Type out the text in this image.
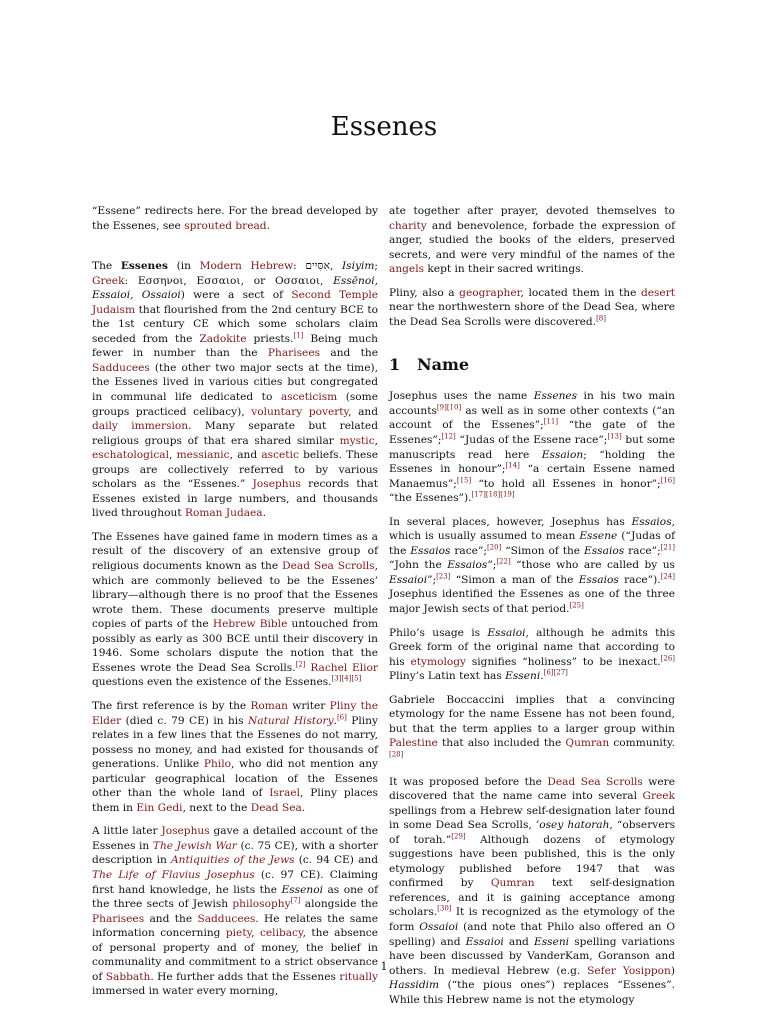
Essenes

“Essene” redirects here. For the bread developed by the Essenes, see sprouted bread.

The Essenes (in Modern Hebrew: אִסִּיִים, Isiyim; Greek: Εσσηνοι, Εσσαιοι, or Οσσαιοι, Essēnoi, Essaioi, Ossaioi) were a sect of Second Temple Judaism that flourished from the 2nd century BCE to the 1st century CE which some scholars claim seceded from the Zadokite priests.[1] Being much fewer in number than the Pharisees and the Sadducees (the other two major sects at the time), the Essenes lived in various cities but congregated in communal life dedicated to asceticism (some groups practiced celibacy), voluntary poverty, and daily immersion. Many separate but related religious groups of that era shared similar mystic, eschatological, messianic, and ascetic beliefs. These groups are collectively referred to by various scholars as the “Essenes.” Josephus records that Essenes existed in large numbers, and thousands lived throughout Roman Judaea.

The Essenes have gained fame in modern times as a result of the discovery of an extensive group of religious documents known as the Dead Sea Scrolls, which are commonly believed to be the Essenes’ library—although there is no proof that the Essenes wrote them. These documents preserve multiple copies of parts of the Hebrew Bible untouched from possibly as early as 300 BCE until their discovery in 1946. Some scholars dispute the notion that the Essenes wrote the Dead Sea Scrolls.[2] Rachel Elior questions even the existence of the Essenes.[3][4][5]

The first reference is by the Roman writer Pliny the Elder (died c. 79 CE) in his Natural History.[6] Pliny relates in a few lines that the Essenes do not marry, possess no money, and had existed for thousands of generations. Unlike Philo, who did not mention any particular geographical location of the Essenes other than the whole land of Israel, Pliny places them in Ein Gedi, next to the Dead Sea.

A little later Josephus gave a detailed account of the Essenes in The Jewish War (c. 75 CE), with a shorter description in Antiquities of the Jews (c. 94 CE) and The Life of Flavius Josephus (c. 97 CE). Claiming first hand knowledge, he lists the Essenoi as one of the three sects of Jewish philosophy[7] alongside the Pharisees and the Sadducees. He relates the same information concerning piety, celibacy, the absence of personal property and of money, the belief in communality and commitment to a strict observance of Sabbath. He further adds that the Essenes ritually immersed in water every morning,

ate together after prayer, devoted themselves to charity and benevolence, forbade the expression of anger, studied the books of the elders, preserved secrets, and were very mindful of the names of the angels kept in their sacred writings.

Pliny, also a geographer, located them in the desert near the northwestern shore of the Dead Sea, where the Dead Sea Scrolls were discovered.[8]

1 Name

Josephus uses the name Essenes in his two main accounts[9][10] as well as in some other contexts (“an account of the Essenes”;[11] “the gate of the Essenes”;[12] “Judas of the Essene race”;[13] but some manuscripts read here Essaion; “holding the Essenes in honour”;[14] “a certain Essene named Manaemus”;[15] “to hold all Essenes in honor”;[16] “the Essenes”).[17][18][19]

In several places, however, Josephus has Essaios, which is usually assumed to mean Essene (“Judas of the Essaios race”;[20] “Simon of the Essaios race”;[21] “John the Essaios”;[22] “those who are called by us Essaioi”;[23] “Simon a man of the Essaios race”).[24] Josephus identified the Essenes as one of the three major Jewish sects of that period.[25]

Philo’s usage is Essaioi, although he admits this Greek form of the original name that according to his etymology signifies “holiness” to be inexact.[26] Pliny’s Latin text has Esseni.[6][27]

Gabriele Boccaccini implies that a convincing etymology for the name Essene has not been found, but that the term applies to a larger group within Palestine that also included the Qumran community.[28]

It was proposed before the Dead Sea Scrolls were discovered that the name came into several Greek spellings from a Hebrew self-designation later found in some Dead Sea Scrolls, ’osey hatorah, “observers of torah.”[29] Although dozens of etymology suggestions have been published, this is the only etymology published before 1947 that was confirmed by Qumran text self-designation references, and it is gaining acceptance among scholars.[30] It is recognized as the etymology of the form Ossaioi (and note that Philo also offered an O spelling) and Essaioi and Esseni spelling variations have been discussed by VanderKam, Goranson and others. In medieval Hebrew (e.g. Sefer Yosippon) Hassidim (“the pious ones”) replaces “Essenes”. While this Hebrew name is not the etymology

1
